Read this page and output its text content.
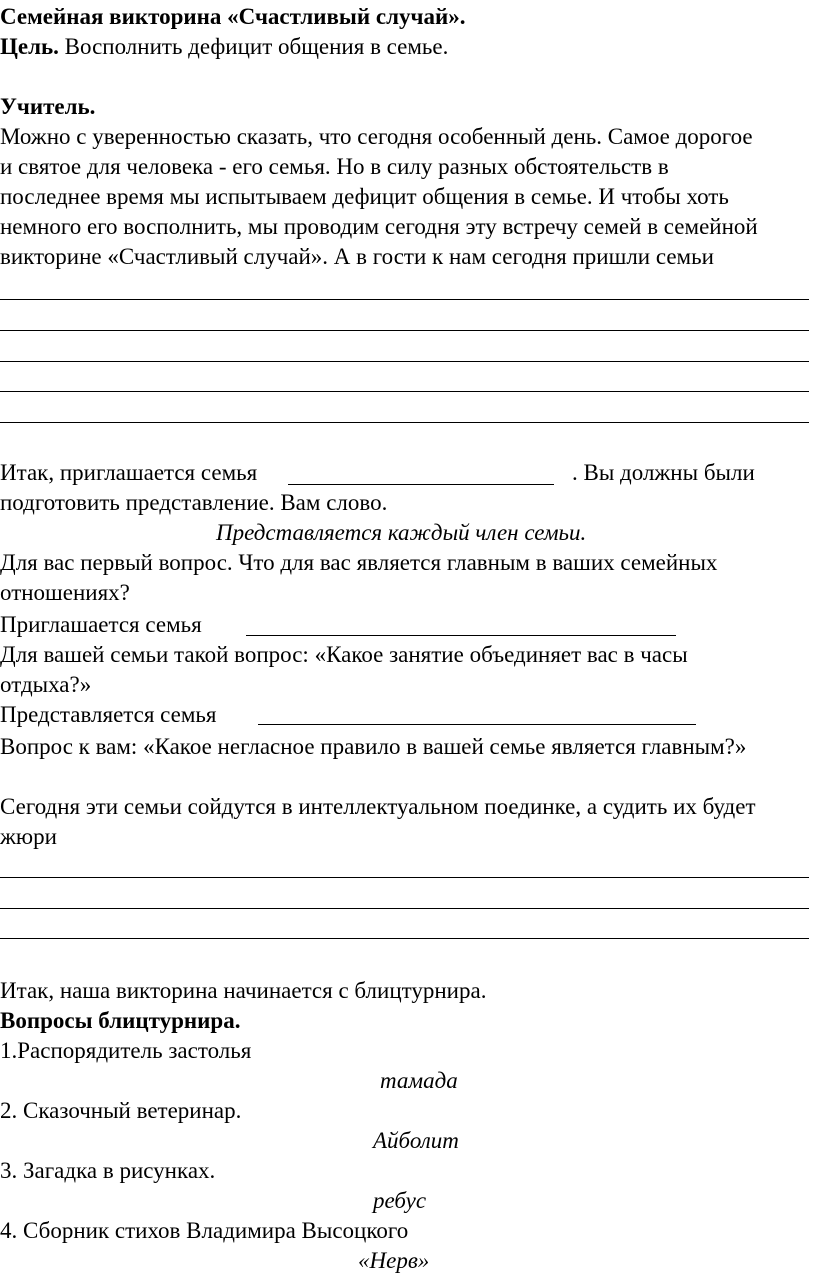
Семейная викторина «Счастливый случай».
Цель. Восполнить дефицит общения в семье.
Учитель.
Можно с уверенностью сказать, что сегодня особенный день. Самое дорогое
и святое для человека - его семья. Но в силу разных обстоятельств в
последнее время мы испытываем дефицит общения в семье. И чтобы хоть
немного его восполнить, мы проводим сегодня эту встречу семей в семейной
викторине «Счастливый случай». А в гости к нам сегодня пришли семьи
Итак, приглашается семья	. Вы должны были
подготовить представление. Вам слово.
Представляется каждый член семьи.
Для вас первый вопрос. Что для вас является главным в ваших семейных
отношениях?
Приглашается семья
Для вашей семьи такой вопрос: «Какое занятие объединяет вас в часы
отдыха?»
Представляется семья
Вопрос к вам: «Какое негласное правило в вашей семье является главным?»
Сегодня эти семьи сойдутся в интеллектуальном поединке, а судить их будет
жюри
Итак, наша викторина начинается с блицтурнира.
Вопросы блицтурнира.
1.Распорядитель застолья
тамада
2. Сказочный ветеринар.
Айболит
3. Загадка в рисунках.
ребус
4. Сборник стихов Владимира Высоцкого
«Нерв»
